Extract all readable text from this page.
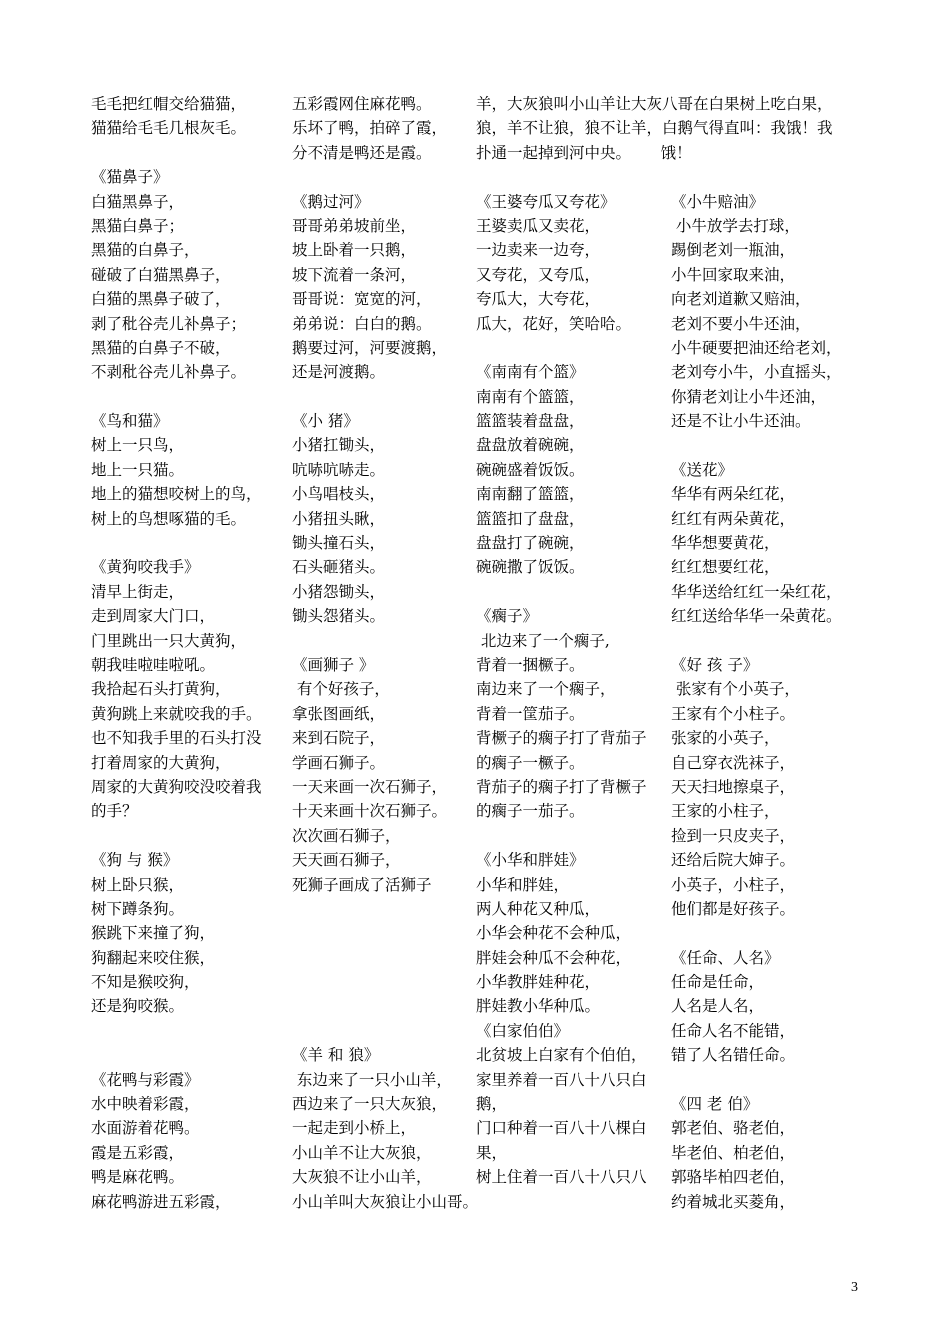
毛毛把红帽交给猫猫，
猫猫给毛毛几根灰毛。
《猫鼻子》
白猫黑鼻子，
黑猫白鼻子；
黑猫的白鼻子，
碰破了白猫黑鼻子，
白猫的黑鼻子破了，
剥了秕谷壳儿补鼻子；
黑猫的白鼻子不破，
不剥秕谷壳儿补鼻子。
《鸟和猫》
树上一只鸟，
地上一只猫。
地上的猫想咬树上的鸟，
树上的鸟想啄猫的毛。
《黄狗咬我手》
清早上街走，
走到周家大门口，
门里跳出一只大黄狗，
朝我哇啦哇啦吼。
我拾起石头打黄狗，
黄狗跳上来就咬我的手。
也不知我手里的石头打没
打着周家的大黄狗，
周家的大黄狗咬没咬着我
的手？
《狗 与 猴》
树上卧只猴，
树下蹲条狗。
猴跳下来撞了狗，
狗翻起来咬住猴，
不知是猴咬狗，
还是狗咬猴。
《花鸭与彩霞》
水中映着彩霞，
水面游着花鸭。
霞是五彩霞，
鸭是麻花鸭。
麻花鸭游进五彩霞，
五彩霞网住麻花鸭。
乐坏了鸭，拍碎了霞，
分不清是鸭还是霞。
《鹅过河》
哥哥弟弟坡前坐，
坡上卧着一只鹅，
坡下流着一条河，
哥哥说：宽宽的河，
弟弟说：白白的鹅。
鹅要过河，河要渡鹅，
还是河渡鹅。
《小 猪》
小猪扛锄头，
吭哧吭哧走。
小鸟唱枝头，
小猪扭头瞅，
锄头撞石头，
石头砸猪头。
小猪怨锄头，
锄头怨猪头。
《画狮子 》
有个好孩子，
拿张图画纸，
来到石院子，
学画石狮子。
一天来画一次石狮子，
十天来画十次石狮子。
次次画石狮子，
天天画石狮子，
死狮子画成了活狮子
《羊 和 狼》
东边来了一只小山羊，
西边来了一只大灰狼，
一起走到小桥上，
小山羊不让大灰狼，
大灰狼不让小山羊，
小山羊叫大灰狼让小山哥。
羊，大灰狼叫小山羊让大灰八哥在白果树上吃白果，
狼，羊不让狼，狼不让羊，白鹅气得直叫：我饿！我
扑通一起掉到河中央。      饿！
《王婆夸瓜又夸花》
王婆卖瓜又卖花，
一边卖来一边夸，
又夸花，又夸瓜，
夸瓜大，大夸花，
瓜大，花好，笑哈哈。
《南南有个篮》
南南有个篮篮，
篮篮装着盘盘，
盘盘放着碗碗，
碗碗盛着饭饭。
南南翻了篮篮，
篮篮扣了盘盘，
盘盘打了碗碗，
碗碗撒了饭饭。
《瘸子》
北边来了一个瘸子,
背着一捆橛子。
南边来了一个瘸子，
背着一筐茄子。
背橛子的瘸子打了背茄子
的瘸子一橛子。
背茄子的瘸子打了背橛子
的瘸子一茄子。
《小华和胖娃》
小华和胖娃，
两人种花又种瓜，
小华会种花不会种瓜，
胖娃会种瓜不会种花，
小华教胖娃种花，
胖娃教小华种瓜。
《白家伯伯》
北贫坡上白家有个伯伯，
家里养着一百八十八只白
鹅，
门口种着一百八十八棵白
果，
树上住着一百八十八只八
《小牛赔油》
小牛放学去打球，
踢倒老刘一瓶油，
小牛回家取来油，
向老刘道歉又赔油，
老刘不要小牛还油，
小牛硬要把油还给老刘，
老刘夸小牛，小直摇头，
你猜老刘让小牛还油，
还是不让小牛还油。
《送花》
华华有两朵红花，
红红有两朵黄花，
华华想要黄花，
红红想要红花，
华华送给红红一朵红花，
红红送给华华一朵黄花。
《好 孩 子》
张家有个小英子，
王家有个小柱子。
张家的小英子，
自己穿衣洗袜子，
天天扫地擦桌子，
王家的小柱子，
捡到一只皮夹子，
还给后院大婶子。
小英子，小柱子，
他们都是好孩子。
《任命、人名》
任命是任命，
人名是人名，
任命人名不能错，
错了人名错任命。
《四 老 伯》
郭老伯、骆老伯，
毕老伯、柏老伯，
郭骆毕柏四老伯，
约着城北买菱角，
3
